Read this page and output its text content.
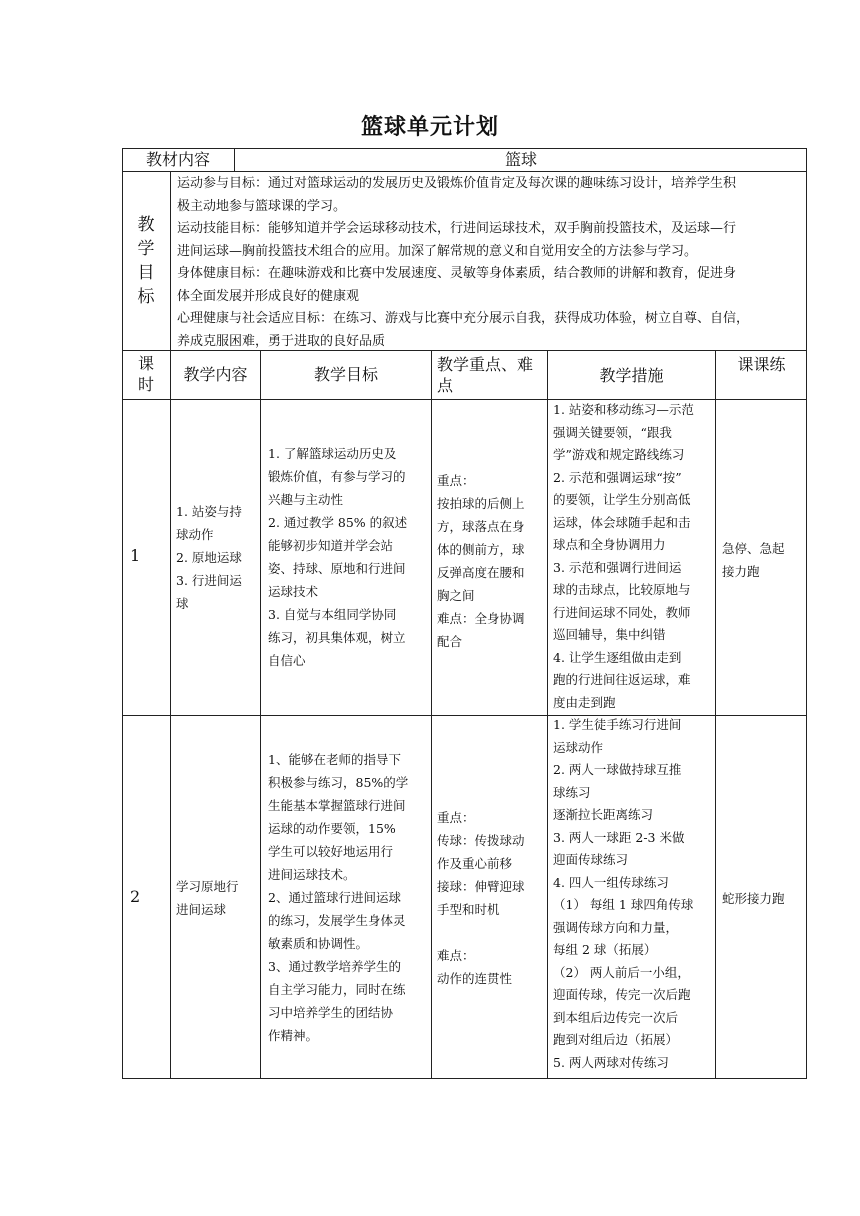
篮球单元计划
教材内容	篮球
教
学
目
标
运动参与目标：通过对篮球运动的发展历史及锻炼价值肯定及每次课的趣味练习设计，培养学生积
极主动地参与篮球课的学习。
运动技能目标：能够知道并学会运球移动技术，行进间运球技术，双手胸前投篮技术，及运球—行
进间运球—胸前投篮技术组合的应用。加深了解常规的意义和自觉用安全的方法参与学习。
身体健康目标：在趣味游戏和比赛中发展速度、灵敏等身体素质，结合教师的讲解和教育，促进身
体全面发展并形成良好的健康观
心理健康与社会适应目标：在练习、游戏与比赛中充分展示自我，获得成功体验，树立自尊、自信，
养成克服困难，勇于进取的良好品质
课
时
教学内容	教学目标
教学重点、难
点
教学措施
课课练
1
1. 站姿与持
球动作
2. 原地运球
3. 行进间运
球
1. 了解篮球运动历史及
锻炼价值，有参与学习的
兴趣与主动性
2. 通过教学 85% 的叙述
能够初步知道并学会站
姿、持球、原地和行进间
运球技术
3. 自觉与本组同学协同
练习，初具集体观，树立
自信心
重点：
按拍球的后侧上
方，球落点在身
体的侧前方，球
反弹高度在腰和
胸之间
难点：全身协调
配合
1. 站姿和移动练习—示范
强调关键要领，“跟我
学”游戏和规定路线练习
2. 示范和强调运球“按”
的要领，让学生分别高低
运球，体会球随手起和击
球点和全身协调用力
3. 示范和强调行进间运
球的击球点，比较原地与
行进间运球不同处，教师
巡回辅导，集中纠错
4. 让学生逐组做由走到
跑的行进间往返运球，难
度由走到跑
急停、急起
接力跑
2
学习原地行
进间运球
1、能够在老师的指导下
积极参与练习，85%的学
生能基本掌握篮球行进间
运球的动作要领，15%
学生可以较好地运用行
进间运球技术。
2、通过篮球行进间运球
的练习，发展学生身体灵
敏素质和协调性。
3、通过教学培养学生的
自主学习能力，同时在练
习中培养学生的团结协
作精神。
重点：
传球：传拨球动
作及重心前移
接球：伸臂迎球
手型和时机
难点：
动作的连贯性
1. 学生徒手练习行进间
运球动作
2. 两人一球做持球互推
球练习
逐渐拉长距离练习
3. 两人一球距 2-3 米做
迎面传球练习
4. 四人一组传球练习
（1） 每组 1 球四角传球
强调传球方向和力量，
每组 2 球（拓展）
（2） 两人前后一小组，
迎面传球，传完一次后跑
到本组后边传完一次后
跑到对组后边（拓展）
5. 两人两球对传练习
蛇形接力跑
